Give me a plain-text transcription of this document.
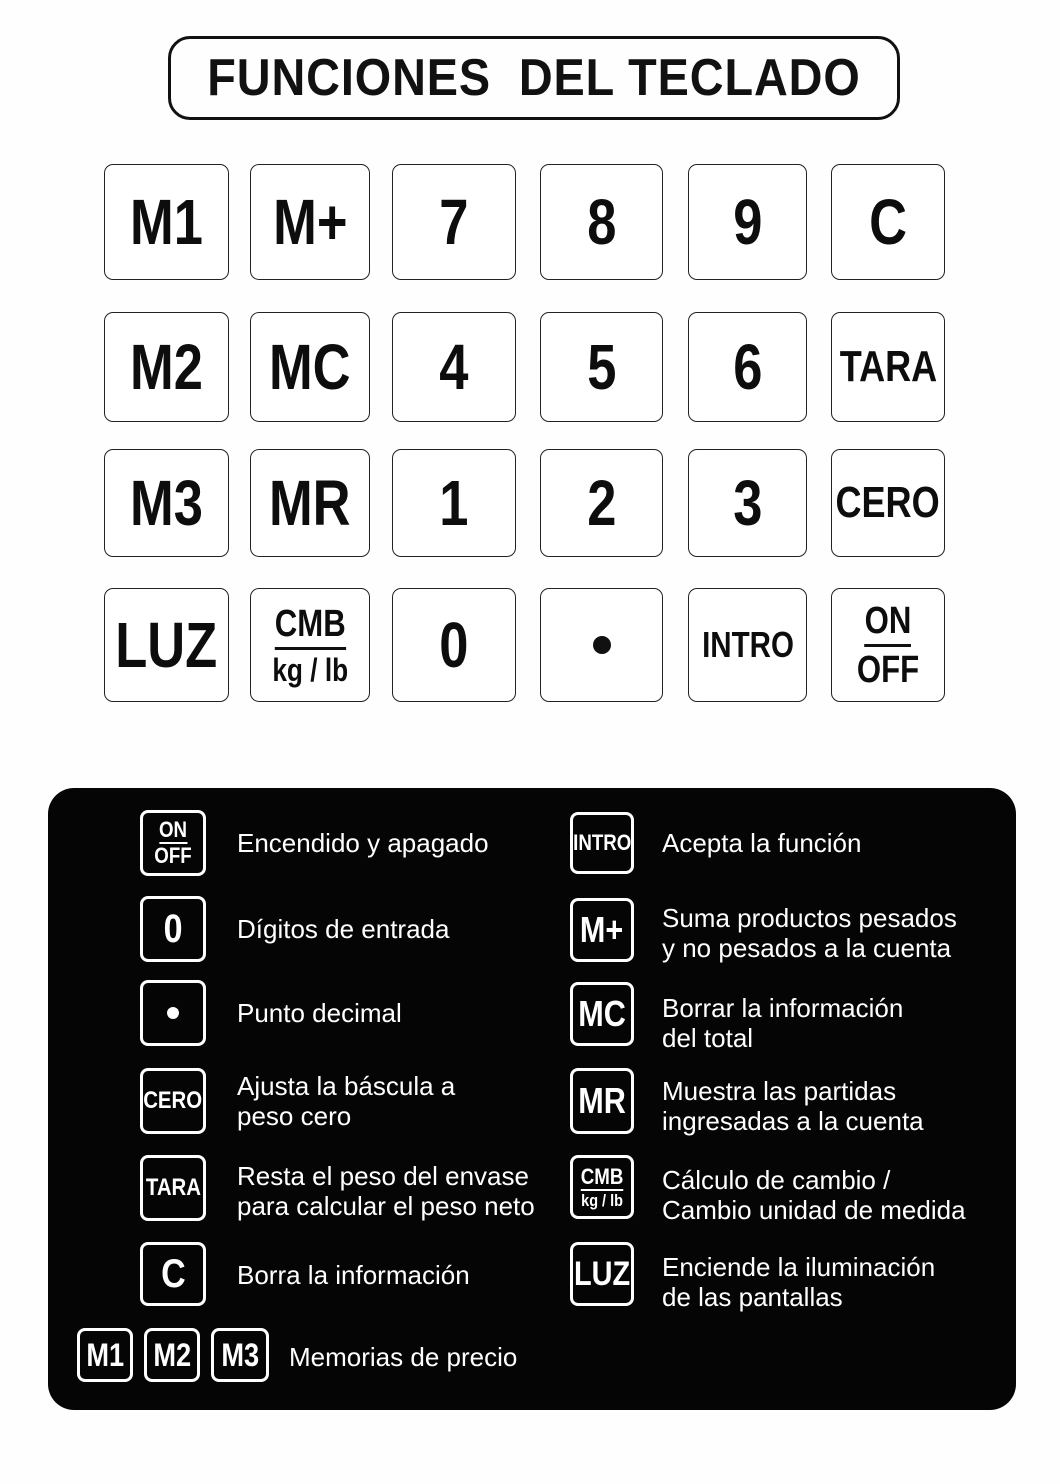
FUNCIONES  DEL TECLADO
M1 M+ 7 8 9 C
M2 MC 4 5 6 TARA
M3 MR 1 2 3 CERO
LUZ $\frac{\text{CMB}}{kg / lb} 0$	INTRO $\frac{ON}{\text{OFF}}$
$\frac{ON}{\text{OFF}}$ Encendido y apagado
0 Dígitos de entrada
Punto decimal
CERO Ajusta la báscula a
peso cero
TARA Resta el peso del envase
para calcular el peso neto
C Borra la información
M1 M2 M3 Memorias de precio
INTRO Acepta la función
M+ Suma productos pesados
y no pesados a la cuenta
MC Borrar la información
del total
MR Muestra las partidas
ingresadas a la cuenta
$\frac{\text{CMB}}{kg / lb}$ Cálculo de cambio /
Cambio unidad de medida
LUZ Enciende la iluminación
de las pantallas
